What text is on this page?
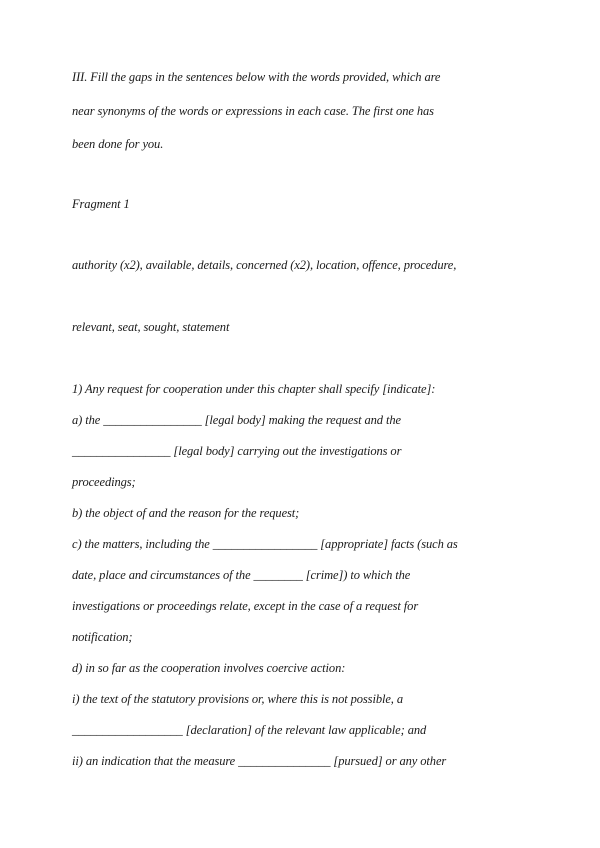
III. Fill the gaps in the sentences below with the words provided, which are
near synonyms of the words or expressions in each case. The first one has
been done for you.
Fragment 1
authority (x2), available, details, concerned (x2), location, offence, procedure,
relevant, seat, sought, statement
1) Any request for cooperation under this chapter shall specify [indicate]:
a) the ________________ [legal body] making the request and the
________________ [legal body] carrying out the investigations or
proceedings;
b) the object of and the reason for the request;
c) the matters, including the _________________ [appropriate] facts (such as
date, place and circumstances of the ________ [crime]) to which the
investigations or proceedings relate, except in the case of a request for
notification;
d) in so far as the cooperation involves coercive action:
i) the text of the statutory provisions or, where this is not possible, a
__________________ [declaration] of the relevant law applicable; and
ii) an indication that the measure _______________ [pursued] or any other
